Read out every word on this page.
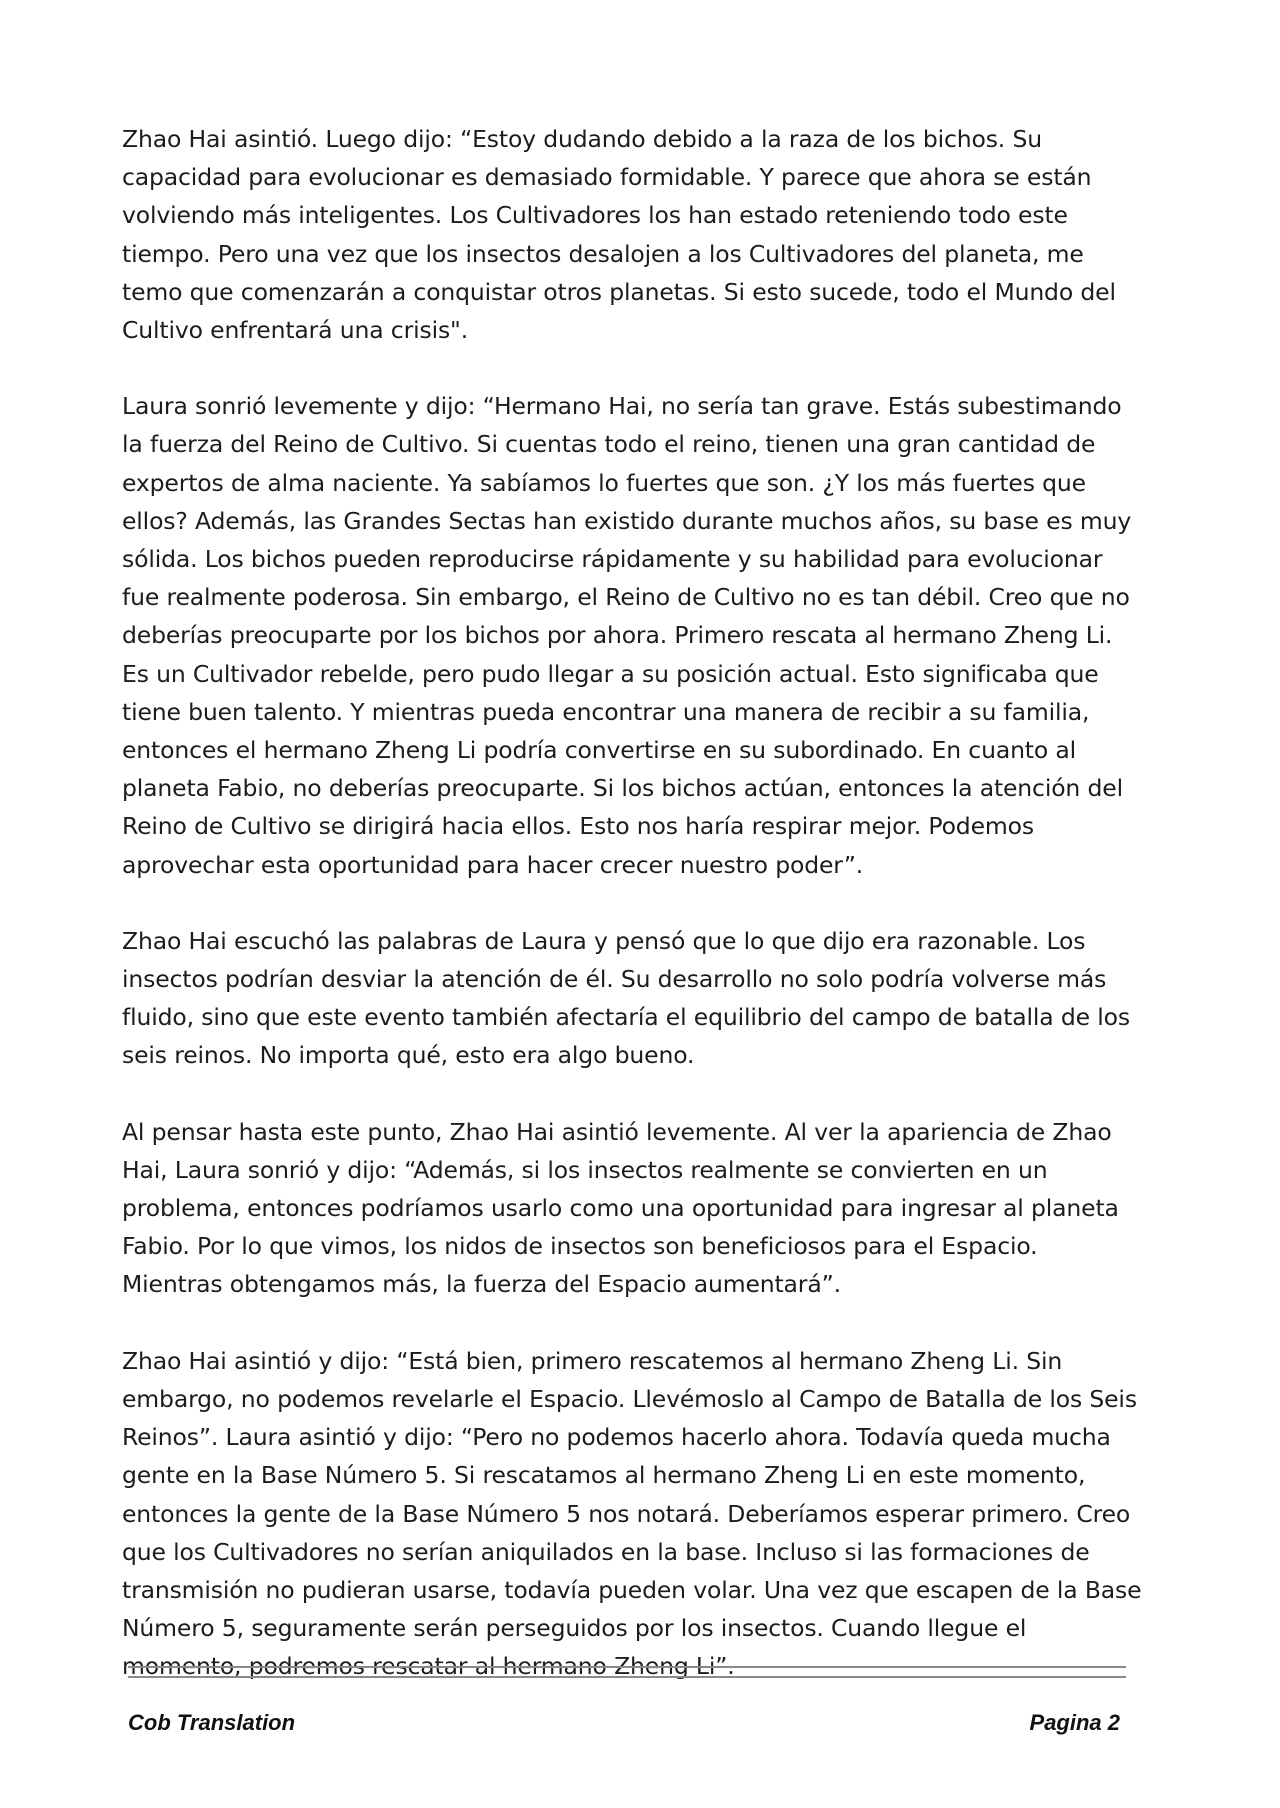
Zhao Hai asintió. Luego dijo: “Estoy dudando debido a la raza de los bichos. Su capacidad para evolucionar es demasiado formidable. Y parece que ahora se están volviendo más inteligentes. Los Cultivadores los han estado reteniendo todo este tiempo. Pero una vez que los insectos desalojen a los Cultivadores del planeta, me temo que comenzarán a conquistar otros planetas. Si esto sucede, todo el Mundo del Cultivo enfrentará una crisis".

Laura sonrió levemente y dijo: “Hermano Hai, no sería tan grave. Estás subestimando la fuerza del Reino de Cultivo. Si cuentas todo el reino, tienen una gran cantidad de expertos de alma naciente. Ya sabíamos lo fuertes que son. ¿Y los más fuertes que ellos? Además, las Grandes Sectas han existido durante muchos años, su base es muy sólida. Los bichos pueden reproducirse rápidamente y su habilidad para evolucionar fue realmente poderosa. Sin embargo, el Reino de Cultivo no es tan débil. Creo que no deberías preocuparte por los bichos por ahora. Primero rescata al hermano Zheng Li. Es un Cultivador rebelde, pero pudo llegar a su posición actual. Esto significaba que tiene buen talento. Y mientras pueda encontrar una manera de recibir a su familia, entonces el hermano Zheng Li podría convertirse en su subordinado. En cuanto al planeta Fabio, no deberías preocuparte. Si los bichos actúan, entonces la atención del Reino de Cultivo se dirigirá hacia ellos. Esto nos haría respirar mejor. Podemos aprovechar esta oportunidad para hacer crecer nuestro poder”.

Zhao Hai escuchó las palabras de Laura y pensó que lo que dijo era razonable. Los insectos podrían desviar la atención de él. Su desarrollo no solo podría volverse más fluido, sino que este evento también afectaría el equilibrio del campo de batalla de los seis reinos. No importa qué, esto era algo bueno.

Al pensar hasta este punto, Zhao Hai asintió levemente. Al ver la apariencia de Zhao Hai, Laura sonrió y dijo: “Además, si los insectos realmente se convierten en un problema, entonces podríamos usarlo como una oportunidad para ingresar al planeta Fabio. Por lo que vimos, los nidos de insectos son beneficiosos para el Espacio. Mientras obtengamos más, la fuerza del Espacio aumentará”.

Zhao Hai asintió y dijo: “Está bien, primero rescatemos al hermano Zheng Li. Sin embargo, no podemos revelarle el Espacio. Llevémoslo al Campo de Batalla de los Seis Reinos”. Laura asintió y dijo: “Pero no podemos hacerlo ahora. Todavía queda mucha gente en la Base Número 5. Si rescatamos al hermano Zheng Li en este momento, entonces la gente de la Base Número 5 nos notará. Deberíamos esperar primero. Creo que los Cultivadores no serían aniquilados en la base. Incluso si las formaciones de transmisión no pudieran usarse, todavía pueden volar. Una vez que escapen de la Base Número 5, seguramente serán perseguidos por los insectos. Cuando llegue el momento, podremos rescatar al hermano Zheng Li”.

Cob Translation	Pagina 2
